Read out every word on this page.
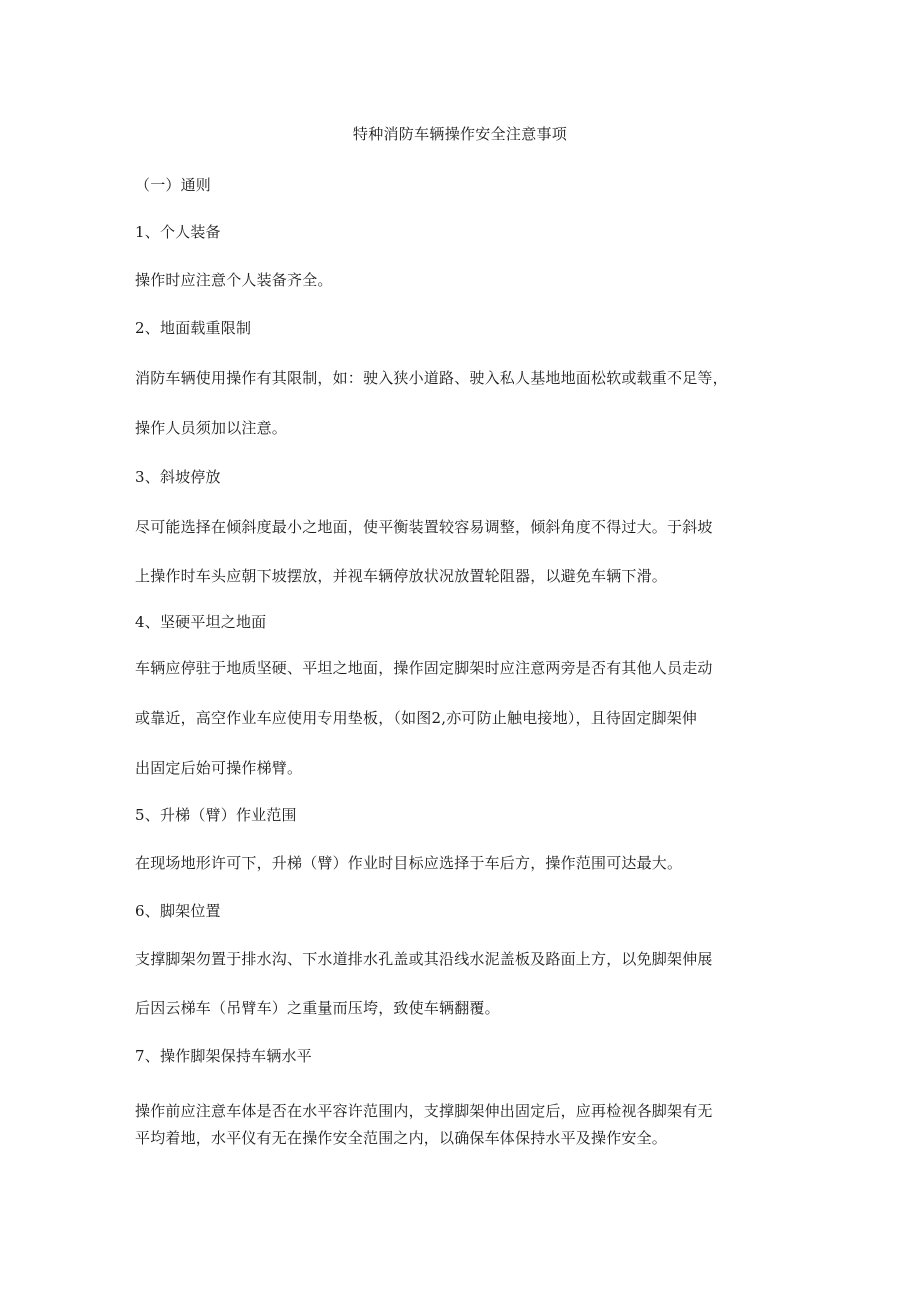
特种消防车辆操作安全注意事项
（一）通则
1、个人装备
操作时应注意个人装备齐全。
2、地面载重限制
消防车辆使用操作有其限制，如：驶入狭小道路、驶入私人基地地面松软或载重不足等，
操作人员须加以注意。
3、斜坡停放
尽可能选择在倾斜度最小之地面，使平衡装置较容易调整，倾斜角度不得过大。于斜坡
上操作时车头应朝下坡摆放，并视车辆停放状况放置轮阻器，以避免车辆下滑。
4、坚硬平坦之地面
车辆应停驻于地质坚硬、平坦之地面，操作固定脚架时应注意两旁是否有其他人员走动
或靠近，高空作业车应使用专用垫板，（如图2,亦可防止触电接地），且待固定脚架伸
出固定后始可操作梯臂。
5、升梯（臂）作业范围
在现场地形许可下，升梯（臂）作业时目标应选择于车后方，操作范围可达最大。
6、脚架位置
支撑脚架勿置于排水沟、下水道排水孔盖或其沿线水泥盖板及路面上方，以免脚架伸展
后因云梯车（吊臂车）之重量而压垮，致使车辆翻覆。
7、操作脚架保持车辆水平
操作前应注意车体是否在水平容许范围内，支撑脚架伸出固定后，应再检视各脚架有无
平均着地，水平仪有无在操作安全范围之内，以确保车体保持水平及操作安全。
